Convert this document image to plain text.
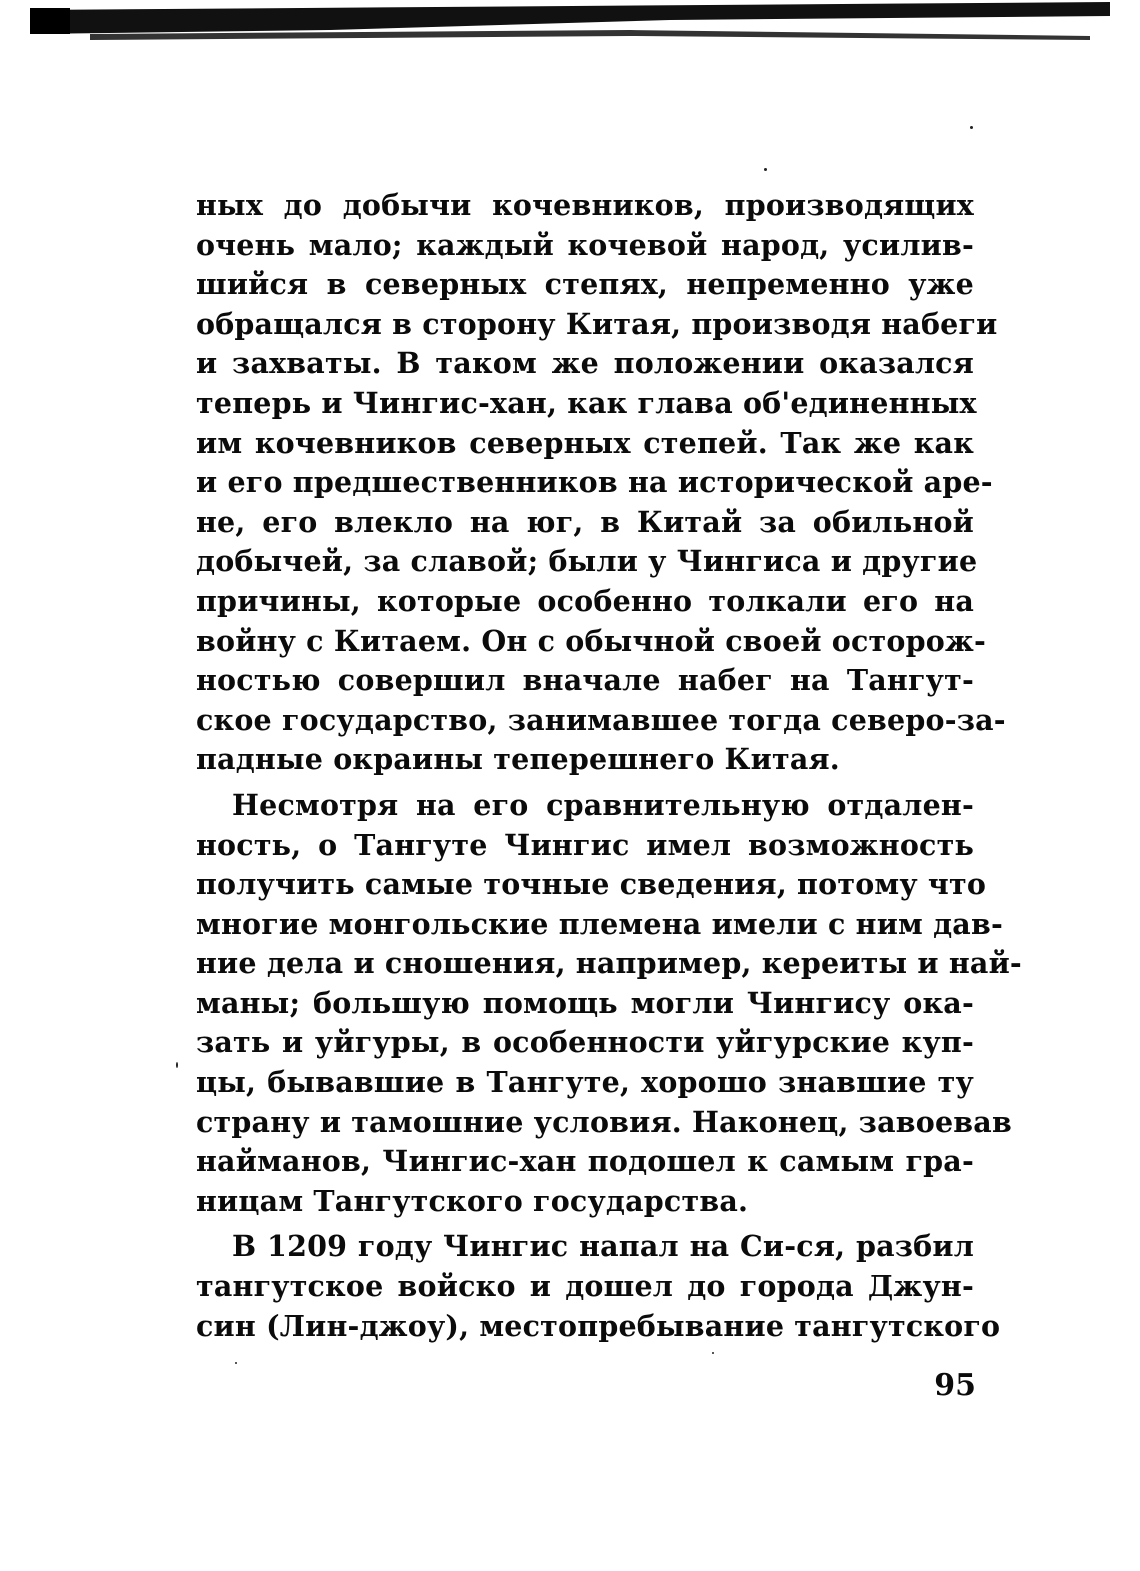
ных до добычи кочевников, производящих
очень мало; каждый кочевой народ, усилив-
шийся в северных степях, непременно уже
обращался в сторону Китая, производя набеги
и захваты. В таком же положении оказался
теперь и Чингис-хан, как глава об'единенных
им кочевников северных степей. Так же как
и его предшественников на исторической аре-
не, его влекло на юг, в Китай за обильной
добычей, за славой; были у Чингиса и другие
причины, которые особенно толкали его на
войну с Китаем. Он с обычной своей осторож-
ностью совершил вначале набег на Тангут-
ское государство, занимавшее тогда северо-за-
падные окраины теперешнего Китая.
Несмотря на его сравнительную отдален-
ность, о Тангуте Чингис имел возможность
получить самые точные сведения, потому что
многие монгольские племена имели с ним дав-
ние дела и сношения, например, кереиты и най-
маны; большую помощь могли Чингису ока-
зать и уйгуры, в особенности уйгурские куп-
цы, бывавшие в Тангуте, хорошо знавшие ту
страну и тамошние условия. Наконец, завоевав
найманов, Чингис-хан подошел к самым гра-
ницам Тангутского государства.
В 1209 году Чингис напал на Си-ся, разбил
тангутское войско и дошел до города Джун-
син (Лин-джоу), местопребывание тангутского
95
